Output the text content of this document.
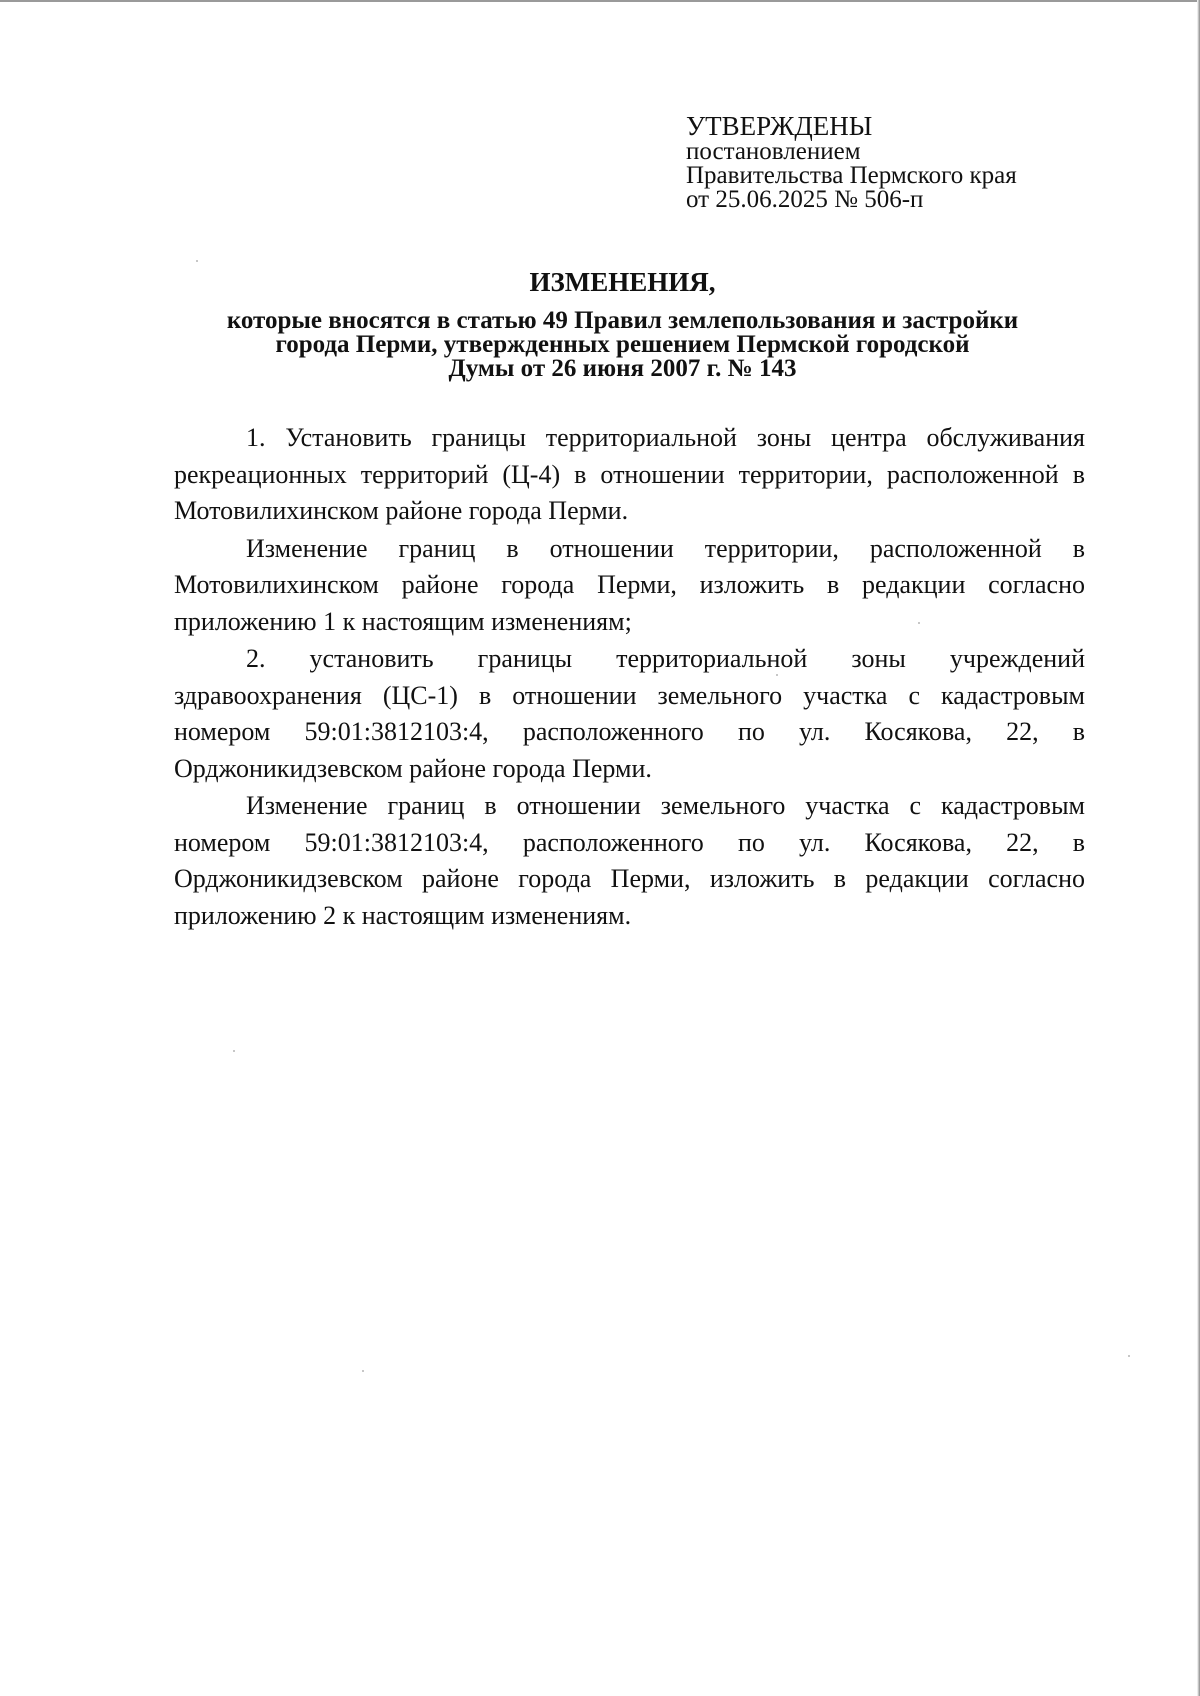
УТВЕРЖДЕНЫ
постановлением
Правительства Пермского края
от 25.06.2025 № 506-п
ИЗМЕНЕНИЯ,
которые вносятся в статью 49 Правил землепользования и застройки
города Перми, утвержденных решением Пермской городской
Думы от 26 июня 2007 г. № 143

1. Установить границы территориальной зоны центра обслуживания рекреационных территорий (Ц-4) в отношении территории, расположенной в Мотовилихинском районе города Перми.

Изменение границ в отношении территории, расположенной в Мотовилихинском районе города Перми, изложить в редакции согласно приложению 1 к настоящим изменениям;

2. установить границы территориальной зоны учреждений здравоохранения (ЦС-1) в отношении земельного участка с кадастровым номером 59:01:3812103:4, расположенного по ул. Косякова, 22, в Орджоникидзевском районе города Перми.

Изменение границ в отношении земельного участка с кадастровым номером 59:01:3812103:4, расположенного по ул. Косякова, 22, в Орджоникидзевском районе города Перми, изложить в редакции согласно приложению 2 к настоящим изменениям.
